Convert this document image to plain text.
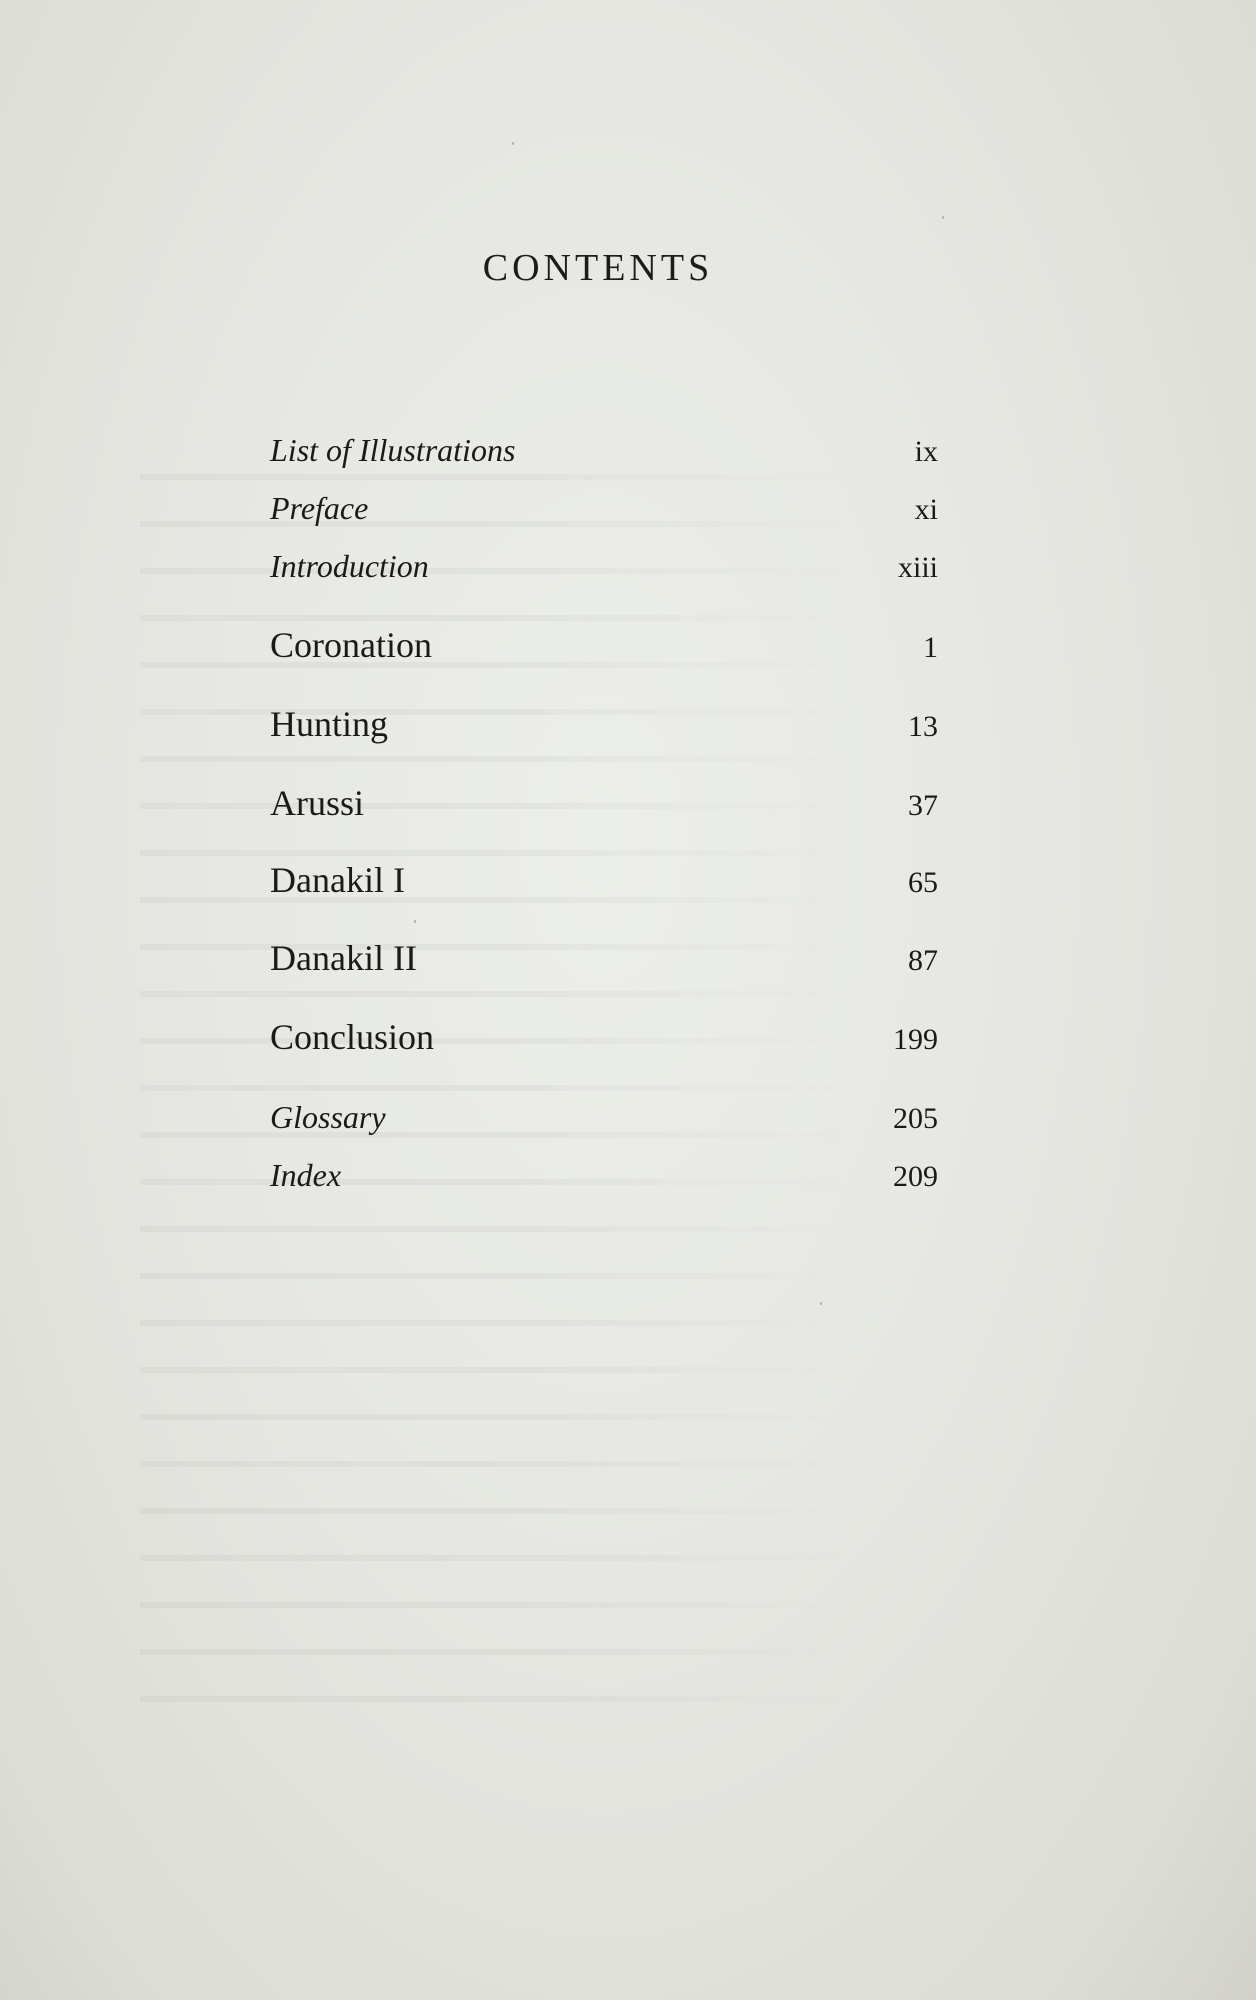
CONTENTS
List of Illustrations	ix
Preface	xi
Introduction	xiii
Coronation	1
Hunting	13
Arussi	37
Danakil I	65
Danakil II	87
Conclusion	199
Glossary	205
Index	209
